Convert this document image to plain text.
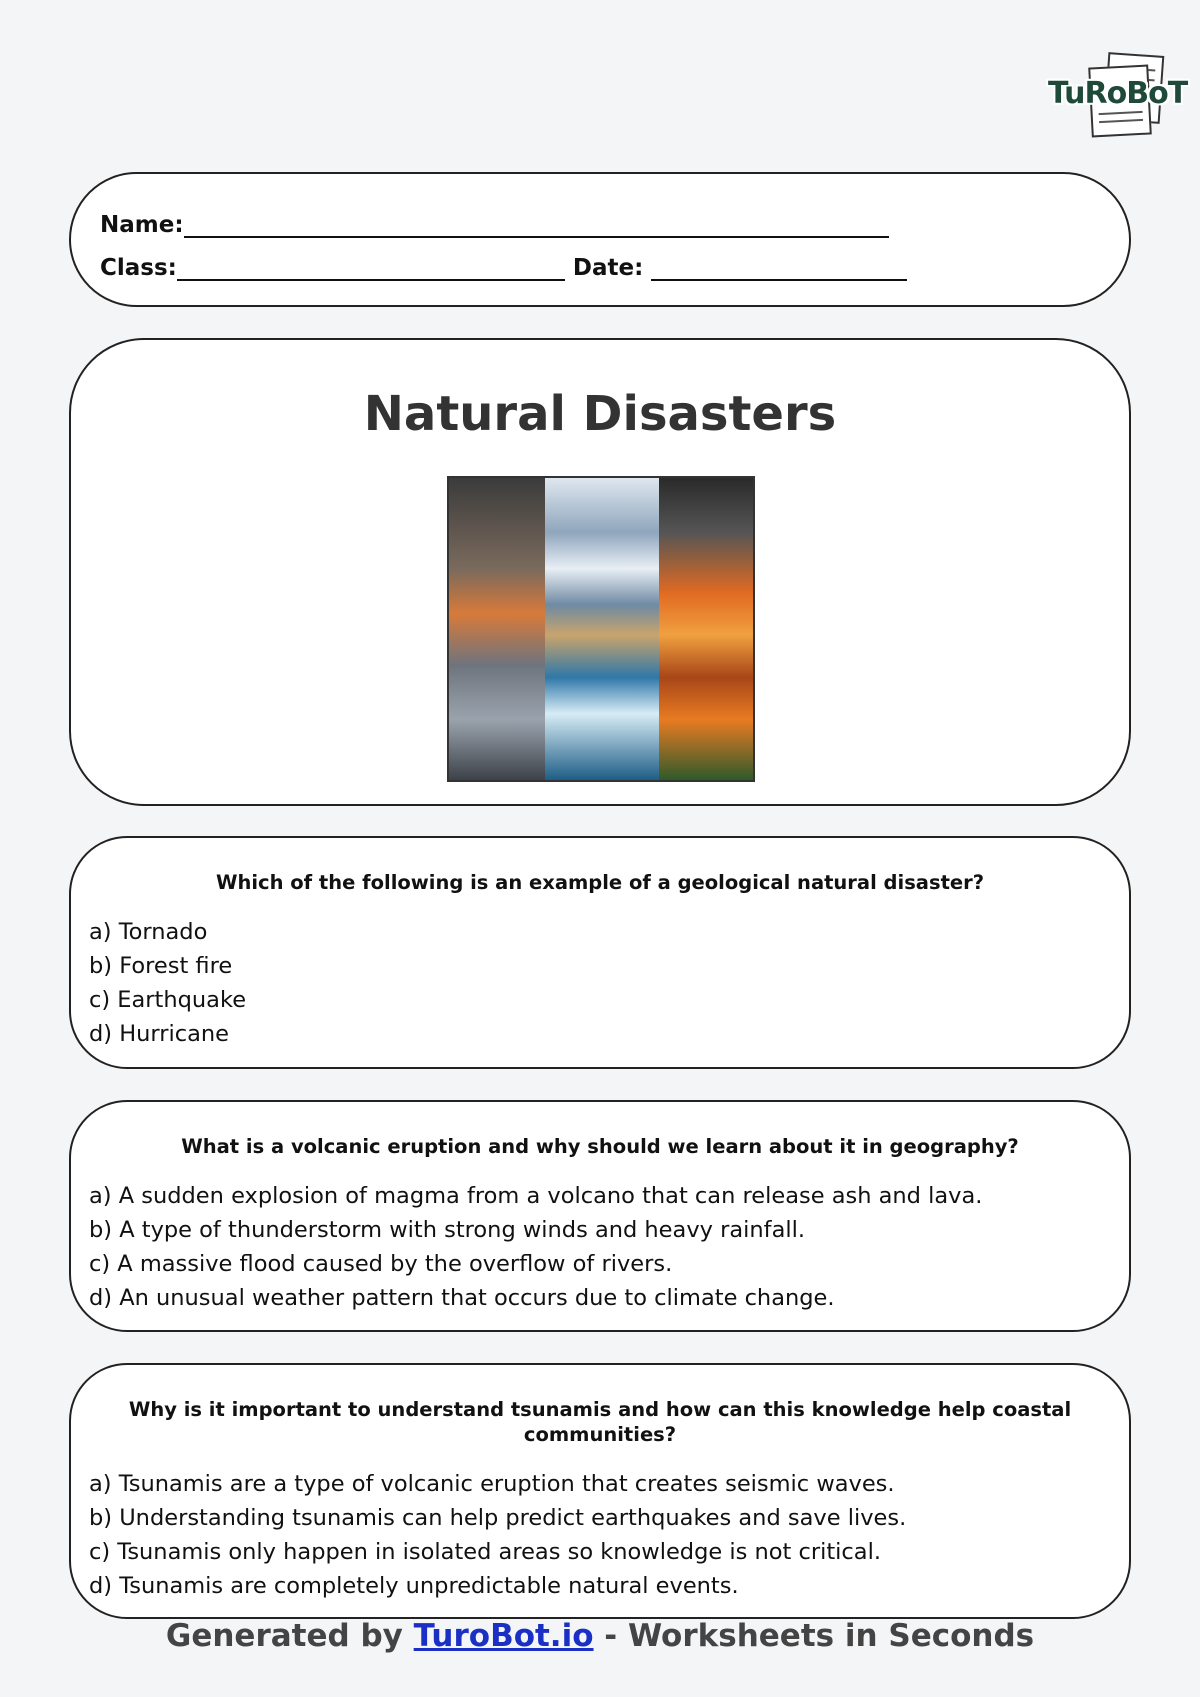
TuRoBoT
Name:
Class:	Date:
Natural Disasters
Which of the following is an example of a geological natural disaster?
a) Tornado
b) Forest fire
c) Earthquake
d) Hurricane
What is a volcanic eruption and why should we learn about it in geography?
a) A sudden explosion of magma from a volcano that can release ash and lava.
b) A type of thunderstorm with strong winds and heavy rainfall.
c) A massive flood caused by the overflow of rivers.
d) An unusual weather pattern that occurs due to climate change.
Why is it important to understand tsunamis and how can this knowledge help coastal communities?
a) Tsunamis are a type of volcanic eruption that creates seismic waves.
b) Understanding tsunamis can help predict earthquakes and save lives.
c) Tsunamis only happen in isolated areas so knowledge is not critical.
d) Tsunamis are completely unpredictable natural events.
Generated by TuroBot.io - Worksheets in Seconds
